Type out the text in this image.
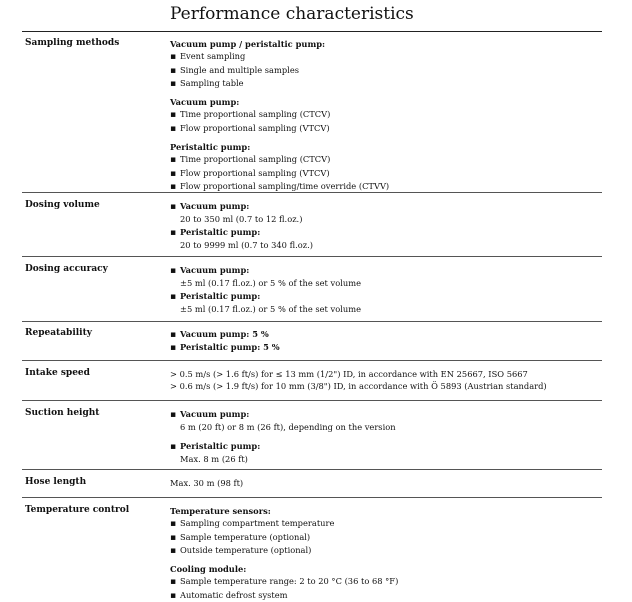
Performance characteristics
Sampling methods	Vacuum pump / peristaltic pump:
▪ Event sampling
▪ Single and multiple samples
▪ Sampling table
Vacuum pump:
▪ Time proportional sampling (CTCV)
▪ Flow proportional sampling (VTCV)
Peristaltic pump:
▪ Time proportional sampling (CTCV)
▪ Flow proportional sampling (VTCV)
▪ Flow proportional sampling/time override (CTVV)
Dosing volume	▪ Vacuum pump:
20 to 350 ml (0.7 to 12 fl.oz.)
▪ Peristaltic pump:
20 to 9999 ml (0.7 to 340 fl.oz.)
Dosing accuracy	▪ Vacuum pump:
±5 ml (0.17 fl.oz.) or 5 % of the set volume
▪ Peristaltic pump:
±5 ml (0.17 fl.oz.) or 5 % of the set volume
Repeatability	▪ Vacuum pump: 5 %
▪ Peristaltic pump: 5 %
Intake speed	> 0.5 m/s (> 1.6 ft/s) for ≤ 13 mm (1/2") ID, in accordance with EN 25667, ISO 5667
> 0.6 m/s (> 1.9 ft/s) for 10 mm (3/8") ID, in accordance with Ö 5893 (Austrian standard)
Suction height	▪ Vacuum pump:
6 m (20 ft) or 8 m (26 ft), depending on the version
▪ Peristaltic pump:
Max. 8 m (26 ft)
Hose length	Max. 30 m (98 ft)
Temperature control	Temperature sensors:
▪ Sampling compartment temperature
▪ Sample temperature (optional)
▪ Outside temperature (optional)
Cooling module:
▪ Sample temperature range: 2 to 20 °C (36 to 68 °F)
▪ Automatic defrost system
